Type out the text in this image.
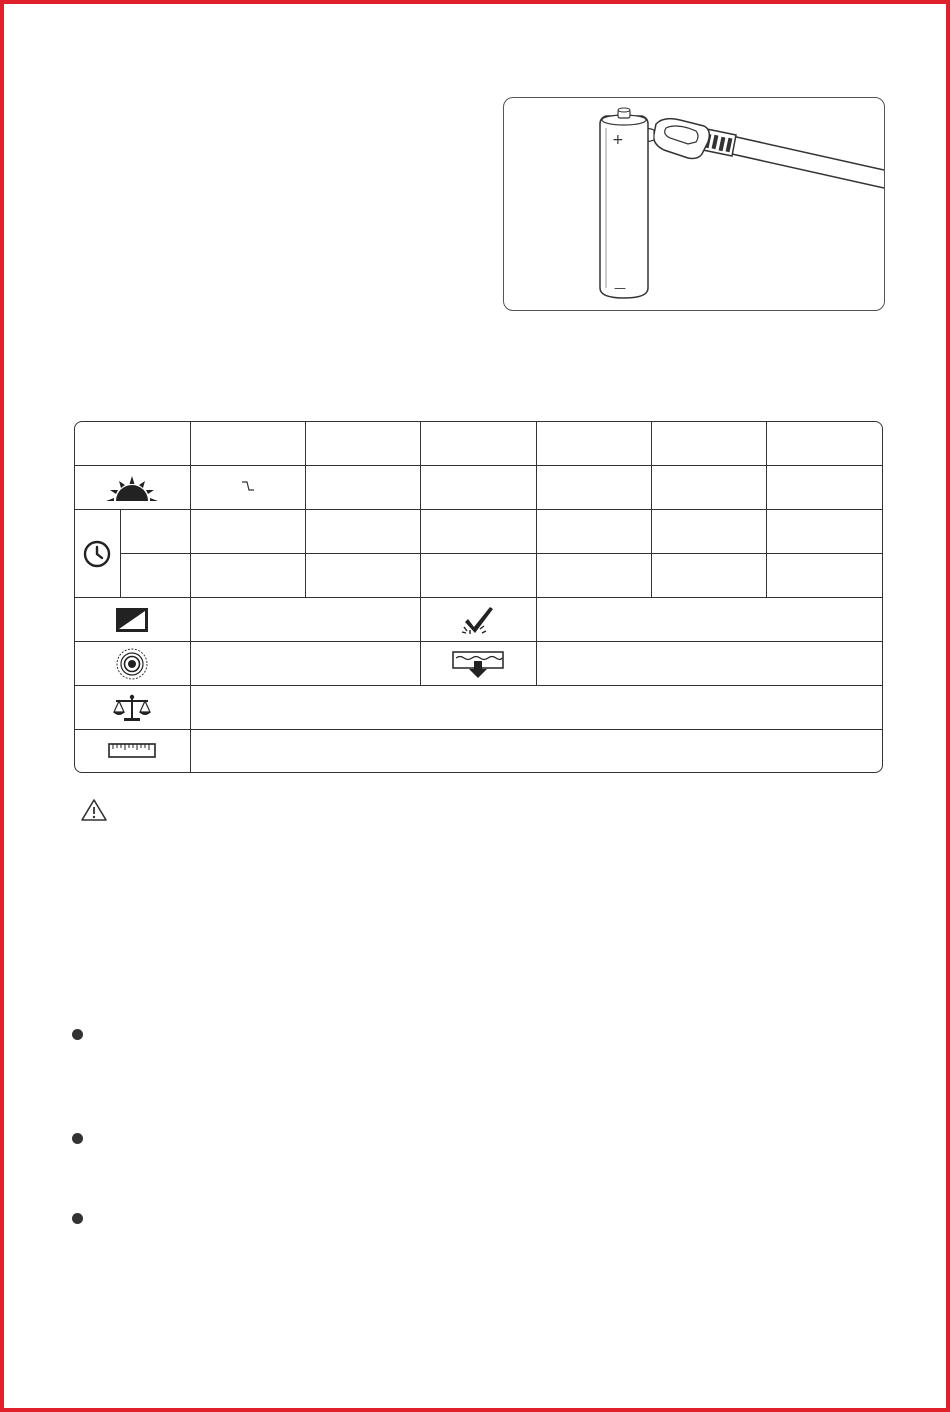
+
—
